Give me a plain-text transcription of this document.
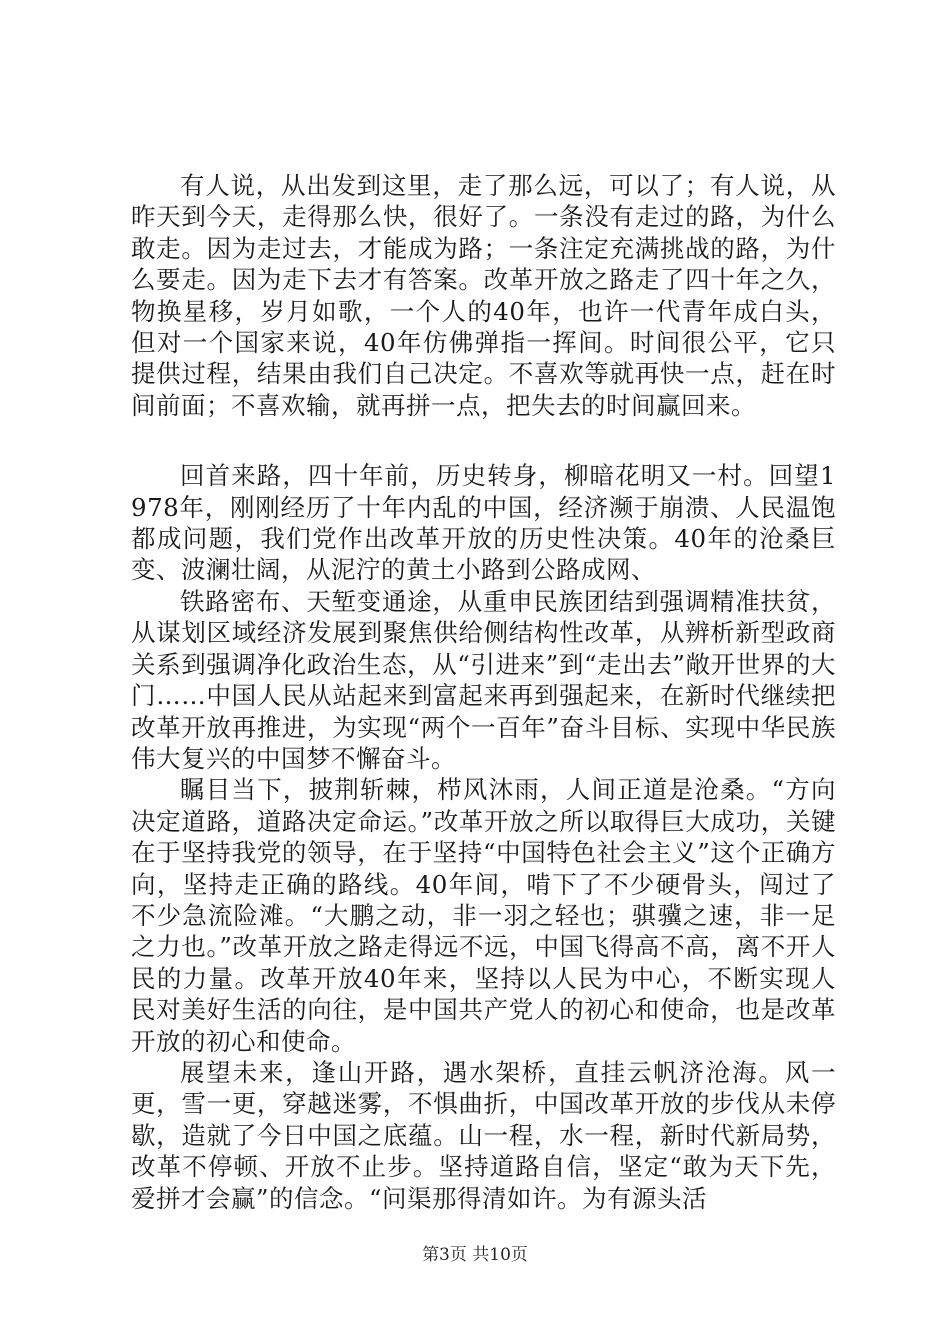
有人说，从出发到这里，走了那么远，可以了；有人说，从昨天到今天，走得那么快，很好了。一条没有走过的路，为什么敢走。因为走过去，才能成为路；一条注定充满挑战的路，为什么要走。因为走下去才有答案。改革开放之路走了四十年之久，物换星移，岁月如歌，一个人的40年，也许一代青年成白头，但对一个国家来说，40年仿佛弹指一挥间。时间很公平，它只提供过程，结果由我们自己决定。不喜欢等就再快一点，赶在时间前面；不喜欢输，就再拼一点，把失去的时间赢回来。

回首来路，四十年前，历史转身，柳暗花明又一村。回望1978年，刚刚经历了十年内乱的中国，经济濒于崩溃、人民温饱都成问题，我们党作出改革开放的历史性决策。40年的沧桑巨变、波澜壮阔，从泥泞的黄土小路到公路成网、

铁路密布、天堑变通途，从重申民族团结到强调精准扶贫，从谋划区域经济发展到聚焦供给侧结构性改革，从辨析新型政商关系到强调净化政治生态，从“引进来”到“走出去”敞开世界的大门……中国人民从站起来到富起来再到强起来，在新时代继续把改革开放再推进，为实现“两个一百年”奋斗目标、实现中华民族伟大复兴的中国梦不懈奋斗。

瞩目当下，披荆斩棘，栉风沐雨，人间正道是沧桑。“方向决定道路，道路决定命运。”改革开放之所以取得巨大成功，关键在于坚持我党的领导，在于坚持“中国特色社会主义”这个正确方向，坚持走正确的路线。40年间，啃下了不少硬骨头，闯过了不少急流险滩。“大鹏之动，非一羽之轻也；骐骥之速，非一足之力也。”改革开放之路走得远不远，中国飞得高不高，离不开人民的力量。改革开放40年来，坚持以人民为中心，不断实现人民对美好生活的向往，是中国共产党人的初心和使命，也是改革开放的初心和使命。

展望未来，逢山开路，遇水架桥，直挂云帆济沧海。风一更，雪一更，穿越迷雾，不惧曲折，中国改革开放的步伐从未停歇，造就了今日中国之底蕴。山一程，水一程，新时代新局势，改革不停顿、开放不止步。坚持道路自信，坚定“敢为天下先，爱拼才会赢”的信念。“问渠那得清如许。为有源头活

第3页 共10页
